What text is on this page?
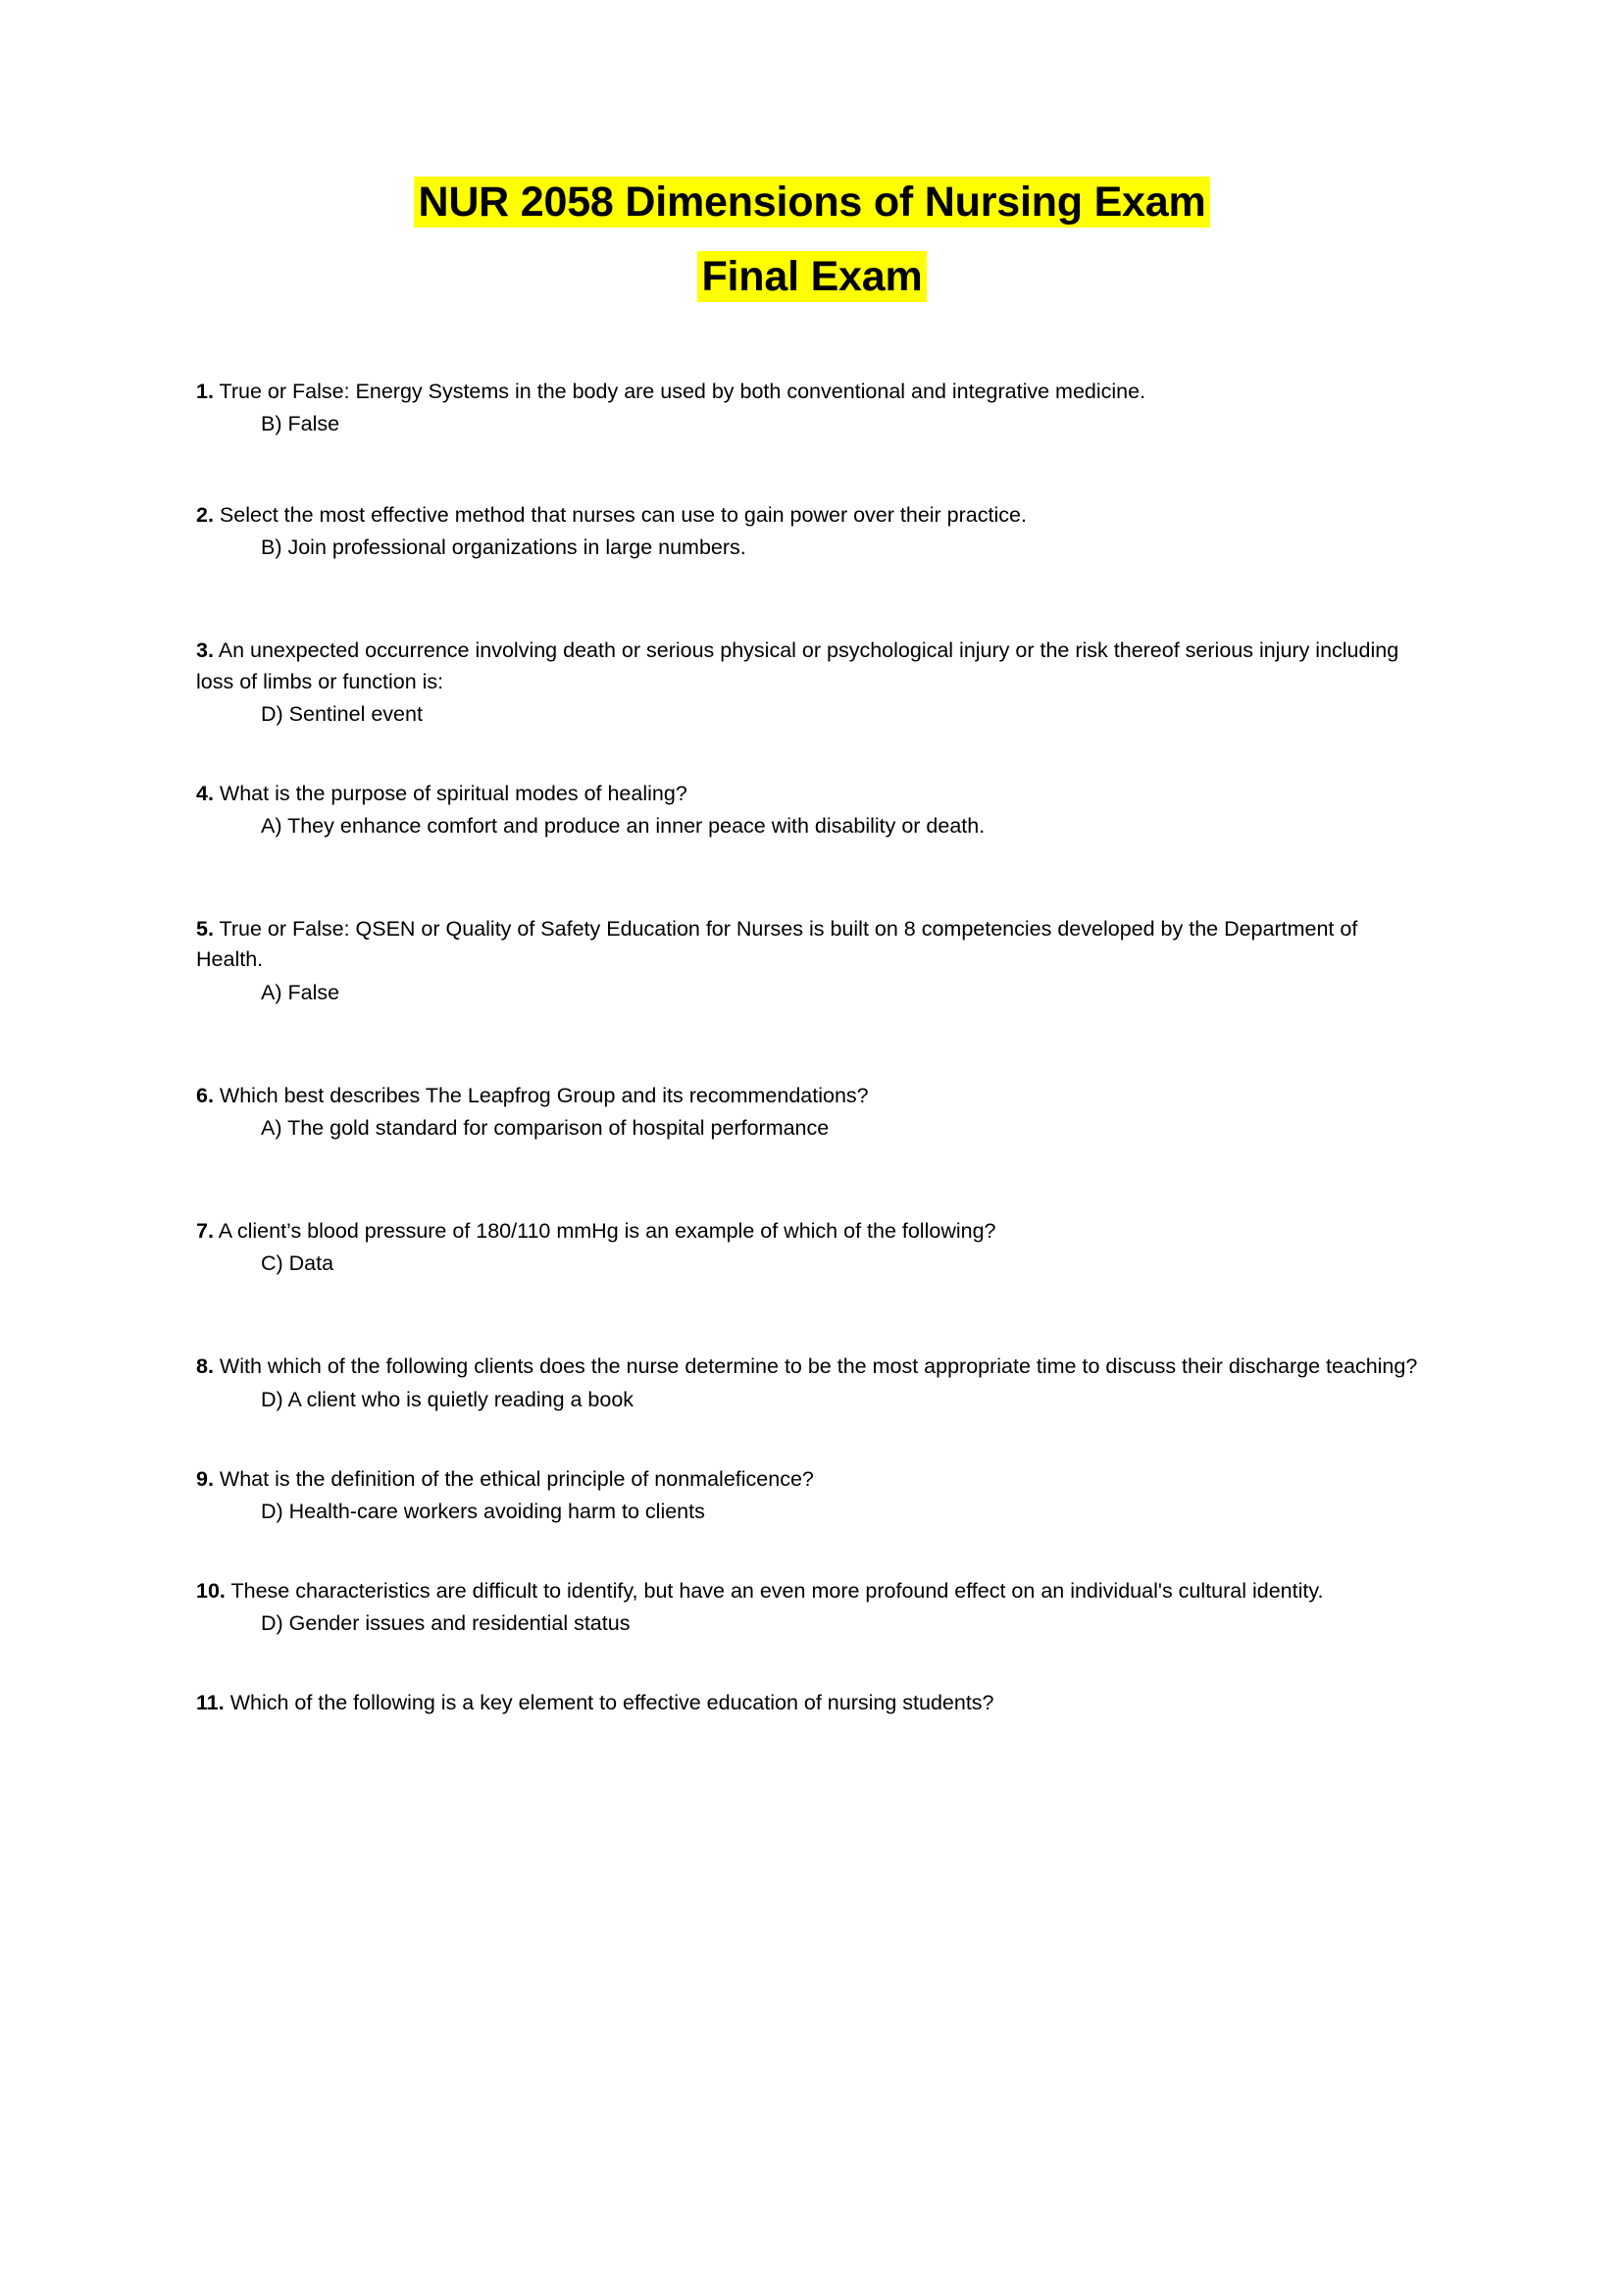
NUR 2058 Dimensions of Nursing Exam
Final Exam
1. True or False: Energy Systems in the body are used by both conventional and integrative medicine.
B) False
2. Select the most effective method that nurses can use to gain power over their practice.
B) Join professional organizations in large numbers.
3. An unexpected occurrence involving death or serious physical or psychological injury or the risk thereof serious injury including loss of limbs or function is:
D) Sentinel event
4. What is the purpose of spiritual modes of healing?
A) They enhance comfort and produce an inner peace with disability or death.
5. True or False: QSEN or Quality of Safety Education for Nurses is built on 8 competencies developed by the Department of Health.
A) False
6. Which best describes The Leapfrog Group and its recommendations?
A) The gold standard for comparison of hospital performance
7. A client’s blood pressure of 180/110 mmHg is an example of which of the following?
C) Data
8. With which of the following clients does the nurse determine to be the most appropriate time to discuss their discharge teaching?
D) A client who is quietly reading a book
9. What is the definition of the ethical principle of nonmaleficence?
D) Health-care workers avoiding harm to clients
10. These characteristics are difficult to identify, but have an even more profound effect on an individual's cultural identity.
D) Gender issues and residential status
11. Which of the following is a key element to effective education of nursing students?
